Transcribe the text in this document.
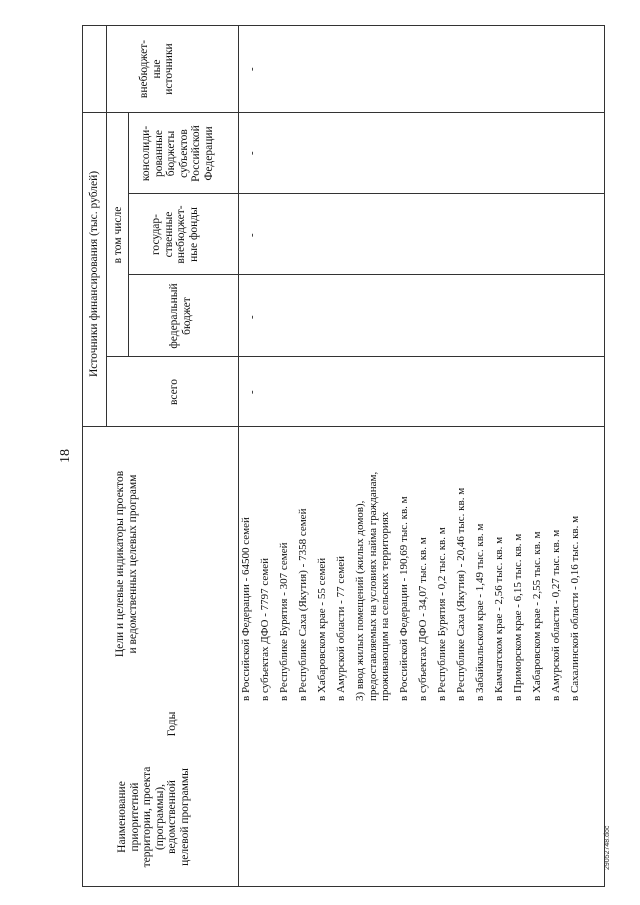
18
Источники финансирования (тыс. рублей) в том числе
всего
федеральный бюджет
государ- ственные внебюджет- ные фонды
консолиди- рованные бюджеты субъектов Российской Федерации
внебюджет- ные источники
Цели и целевые индикаторы проектов и ведомственных целевых программ
Годы
Наименование приоритетной территории, проекта (программы), ведомственной целевой программы
-
-
-
-
-
в Российской Федерации - 64500 семей в субъектах ДФО - 7797 семей в Республике Бурятия - 307 семей в Республике Саха (Якутия) - 7358 семей в Хабаровском крае - 55 семей в Амурской области - 77 семей 3) ввод жилых помещений (жилых домов),
предоставляемых на условиях найма гражданам,
проживающим на сельских территориях в Российской Федерации - 190,69 тыс. кв. м в субъектах ДФО - 34,07 тыс. кв. м в Республике Бурятия - 0,2 тыс. кв. м в Республике Саха (Якутия) - 20,46 тыс. кв. м в Забайкальском крае - 1,49 тыс. кв. м в Камчатском крае - 2,56 тыс. кв. м в Приморском крае - 6,15 тыс. кв. м в Хабаровском крае - 2,55 тыс. кв. м в Амурской области - 0,27 тыс. кв. м в Сахалинской области - 0,16 тыс. кв. м
29052748.doc
